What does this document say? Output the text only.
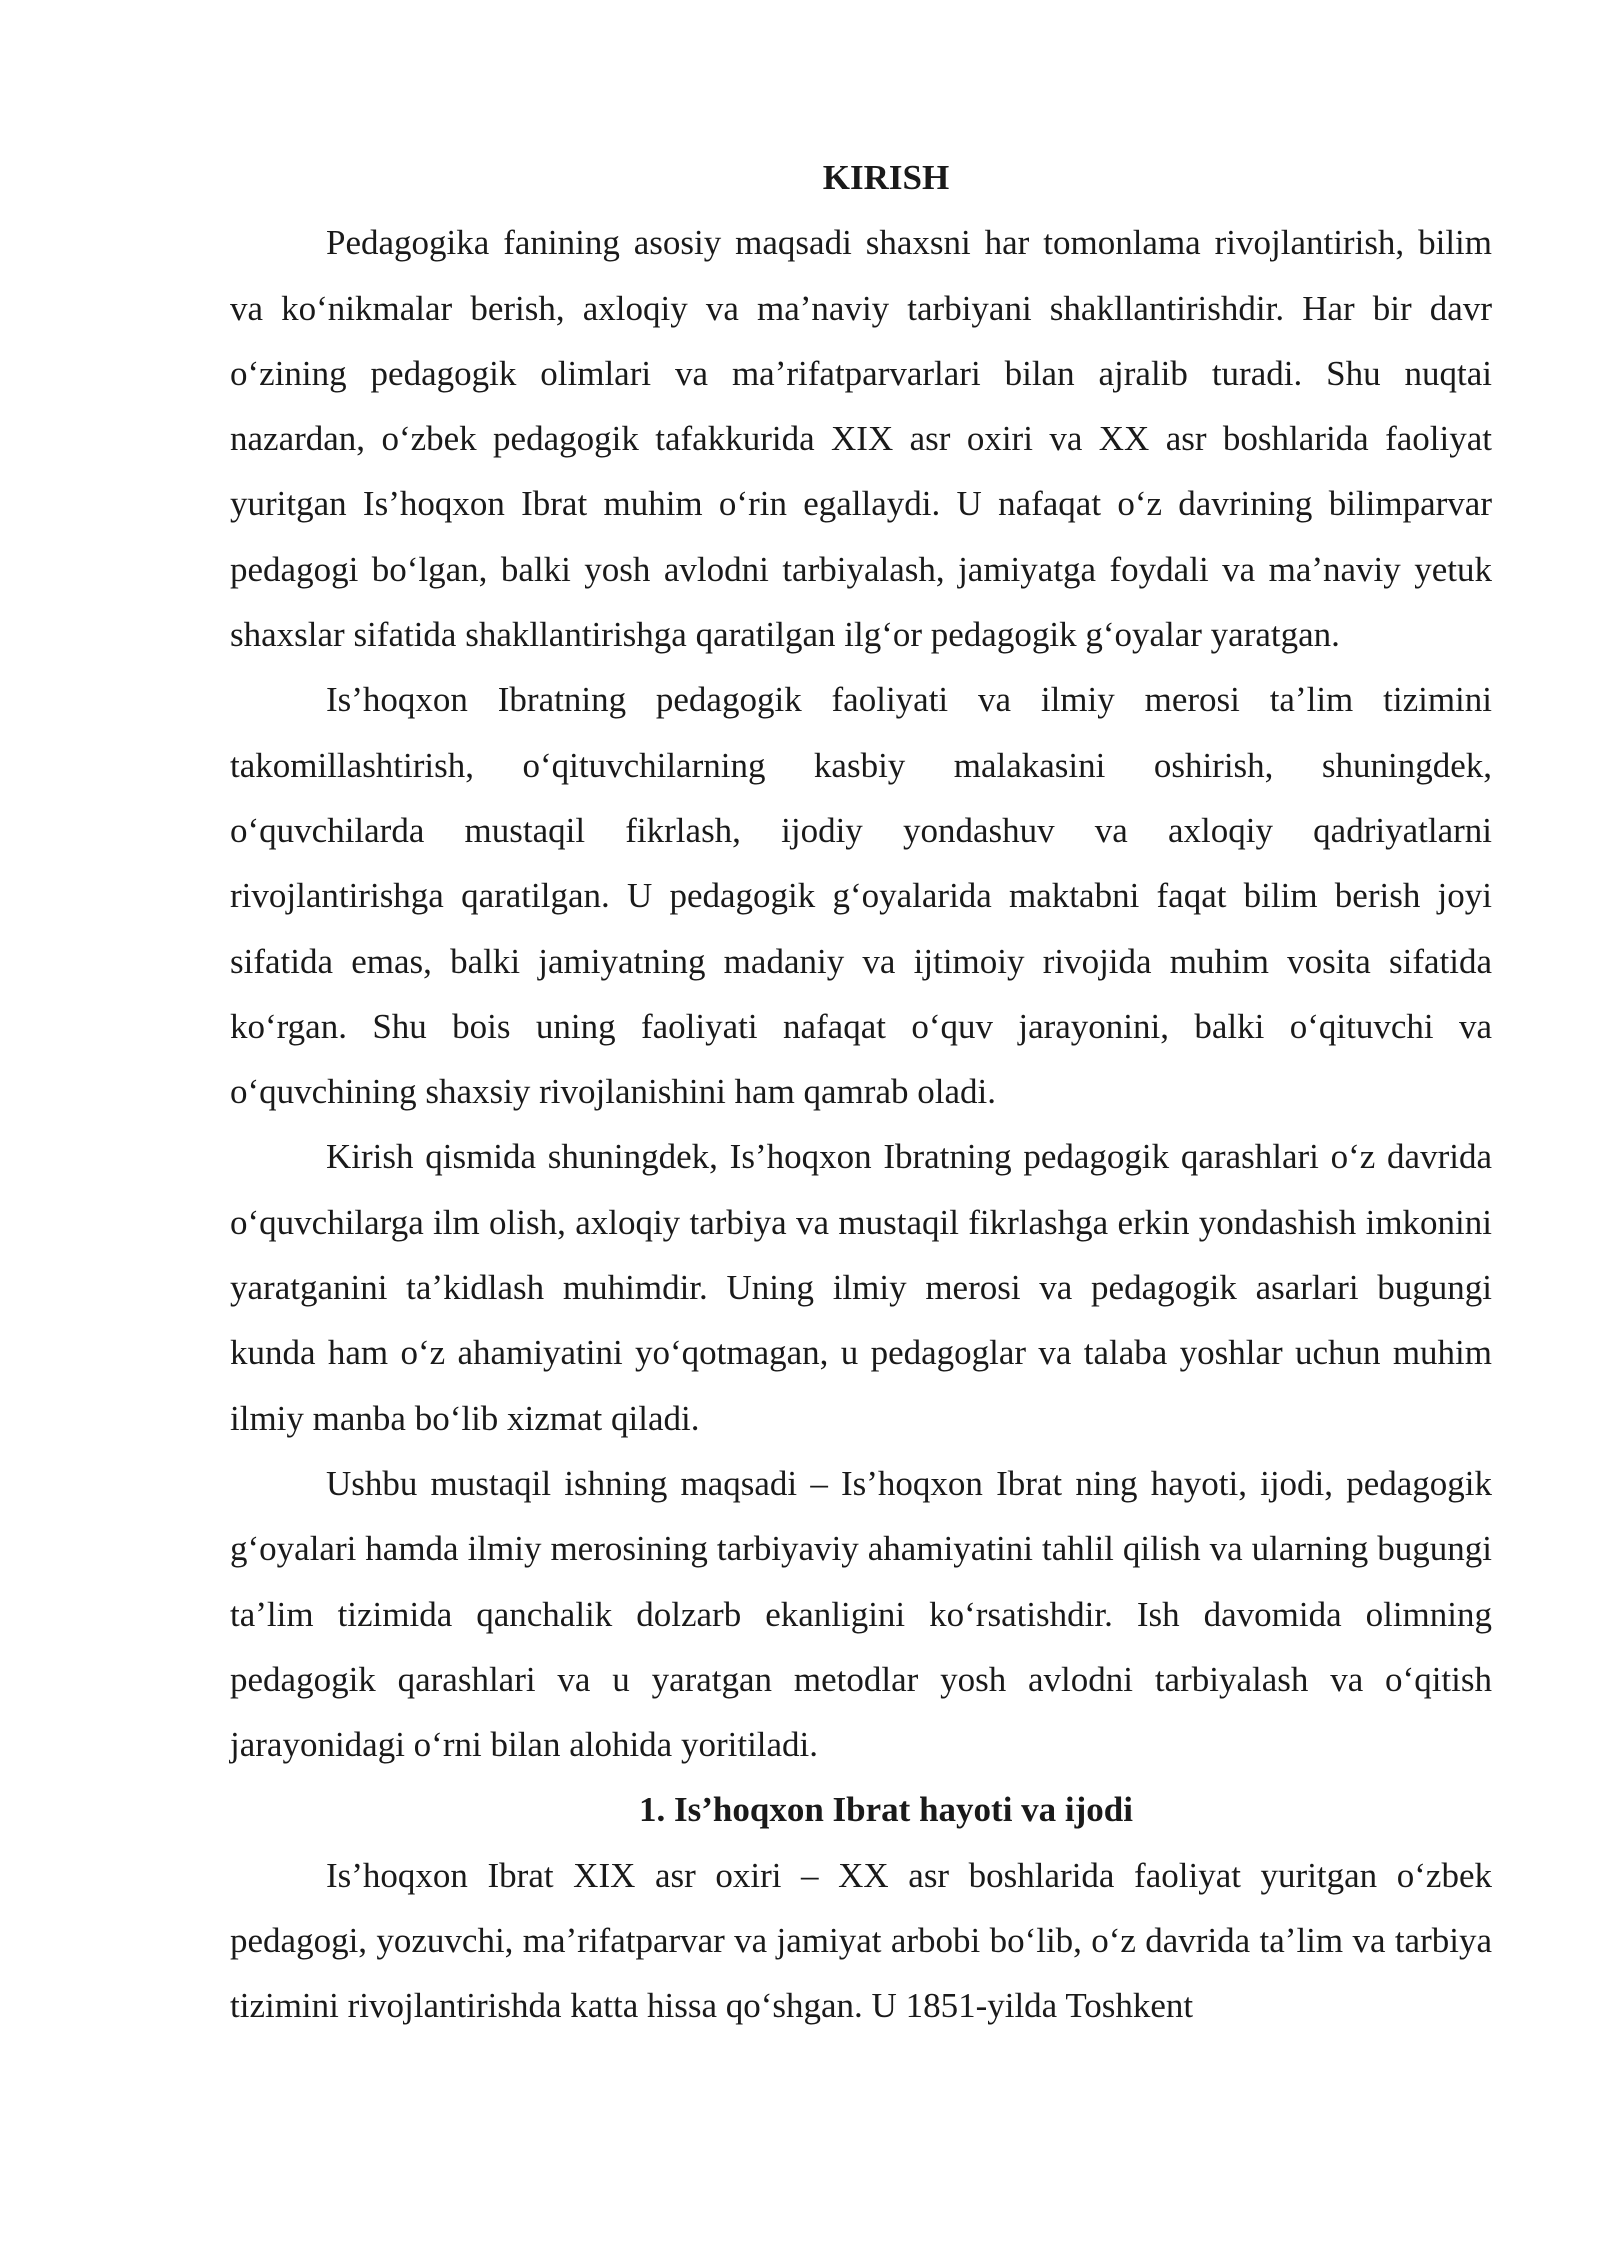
KIRISH

Pedagogika fanining asosiy maqsadi shaxsni har tomonlama rivojlantirish, bilim va koʻnikmalar berish, axloqiy va maʼnaviy tarbiyani shakllantirishdir. Har bir davr oʻzining pedagogik olimlari va maʼrifatparvarlari bilan ajralib turadi. Shu nuqtai nazardan, oʻzbek pedagogik tafakkurida XIX asr oxiri va XX asr boshlarida faoliyat yuritgan Is’hoqxon Ibrat muhim oʻrin egallaydi. U nafaqat oʻz davrining bilimparvar pedagogi boʻlgan, balki yosh avlodni tarbiyalash, jamiyatga foydali va maʼnaviy yetuk shaxslar sifatida shakllantirishga qaratilgan ilgʻor pedagogik gʻoyalar yaratgan.

Is’hoqxon Ibratning pedagogik faoliyati va ilmiy merosi taʼlim tizimini takomillashtirish, oʻqituvchilarning kasbiy malakasini oshirish, shuningdek, oʻquvchilarda mustaqil fikrlash, ijodiy yondashuv va axloqiy qadriyatlarni rivojlantirishga qaratilgan. U pedagogik gʻoyalarida maktabni faqat bilim berish joyi sifatida emas, balki jamiyatning madaniy va ijtimoiy rivojida muhim vosita sifatida koʻrgan. Shu bois uning faoliyati nafaqat oʻquv jarayonini, balki oʻqituvchi va oʻquvchining shaxsiy rivojlanishini ham qamrab oladi.

Kirish qismida shuningdek, Is’hoqxon Ibratning pedagogik qarashlari oʻz davrida oʻquvchilarga ilm olish, axloqiy tarbiya va mustaqil fikrlashga erkin yondashish imkonini yaratganini taʼkidlash muhimdir. Uning ilmiy merosi va pedagogik asarlari bugungi kunda ham oʻz ahamiyatini yoʻqotmagan, u pedagoglar va talaba yoshlar uchun muhim ilmiy manba boʻlib xizmat qiladi.

Ushbu mustaqil ishning maqsadi – Is’hoqxon Ibrat ning hayoti, ijodi, pedagogik gʻoyalari hamda ilmiy merosining tarbiyaviy ahamiyatini tahlil qilish va ularning bugungi taʼlim tizimida qanchalik dolzarb ekanligini koʻrsatishdir. Ish davomida olimning pedagogik qarashlari va u yaratgan metodlar yosh avlodni tarbiyalash va oʻqitish jarayonidagi oʻrni bilan alohida yoritiladi.

1. Is’hoqxon Ibrat hayoti va ijodi

Is’hoqxon Ibrat XIX asr oxiri – XX asr boshlarida faoliyat yuritgan oʻzbek pedagogi, yozuvchi, maʼrifatparvar va jamiyat arbobi boʻlib, oʻz davrida taʼlim va tarbiya tizimini rivojlantirishda katta hissa qoʻshgan. U 1851-yilda Toshkent
